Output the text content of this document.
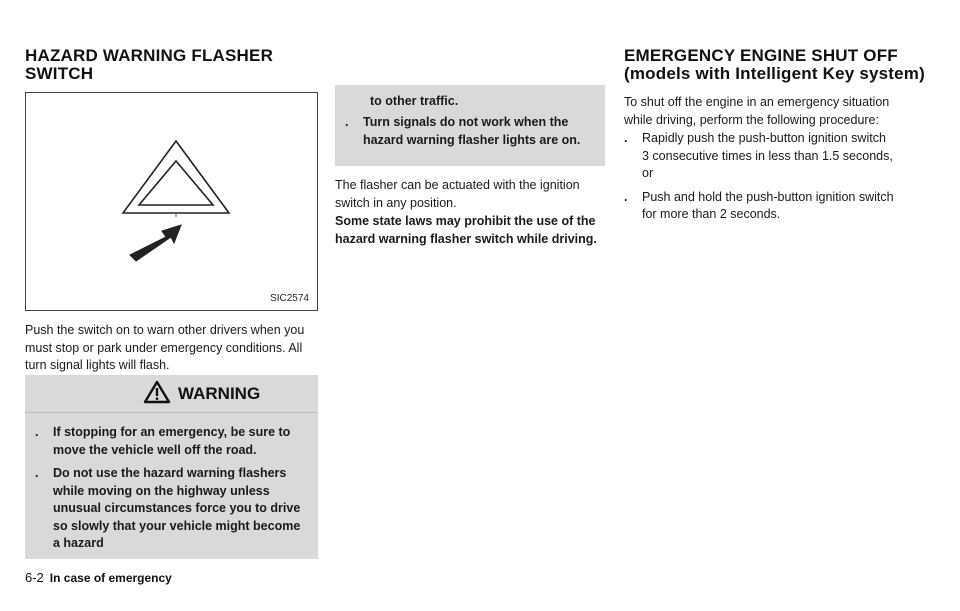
HAZARD WARNING FLASHER SWITCH
EMERGENCY ENGINE SHUT OFF (models with Intelligent Key system)
SIC2574

Push the switch on to warn other drivers when you must stop or park under emergency conditions. All turn signal lights will flash.

WARNING
. If stopping for an emergency, be sure to move the vehicle well off the road.
. Do not use the hazard warning flashers while moving on the highway unless unusual circumstances force you to drive so slowly that your vehicle might become a hazard

to other traffic.

. Turn signals do not work when the hazard warning flasher lights are on.

The flasher can be actuated with the ignition switch in any position.

Some state laws may prohibit the use of the hazard warning flasher switch while driving.

To shut off the engine in an emergency situation while driving, perform the following procedure:

. Rapidly push the push-button ignition switch 3 consecutive times in less than 1.5 seconds, or
. Push and hold the push-button ignition switch for more than 2 seconds.
6-2 In case of emergency
